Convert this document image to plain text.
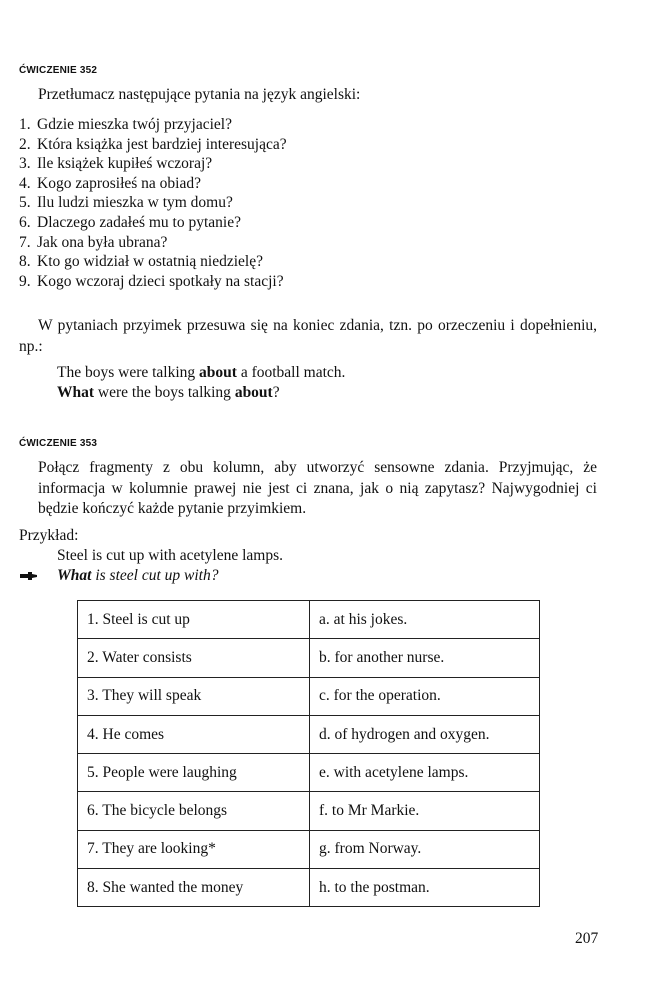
ĆWICZENIE 352
Przetłumacz następujące pytania na język angielski:
1. Gdzie mieszka twój przyjaciel?
2. Która książka jest bardziej interesująca?
3. Ile książek kupiłeś wczoraj?
4. Kogo zaprosiłeś na obiad?
5. Ilu ludzi mieszka w tym domu?
6. Dlaczego zadałeś mu to pytanie?
7. Jak ona była ubrana?
8. Kto go widział w ostatnią niedzielę?
9. Kogo wczoraj dzieci spotkały na stacji?
W pytaniach przyimek przesuwa się na koniec zdania, tzn. po orzeczeniu i dopełnieniu, np.:
The boys were talking about a football match.
What were the boys talking about?
ĆWICZENIE 353
Połącz fragmenty z obu kolumn, aby utworzyć sensowne zdania. Przyjmując, że informacja w kolumnie prawej nie jest ci znana, jak o nią zapytasz? Najwygodniej ci będzie kończyć każde pytanie przyimkiem.
Przykład:
Steel is cut up with acetylene lamps.
What is steel cut up with?
1. Steel is cut up	a. at his jokes.
2. Water consists	b. for another nurse.
3. They will speak	c. for the operation.
4. He comes	d. of hydrogen and oxygen.
5. People were laughing	e. with acetylene lamps.
6. The bicycle belongs	f. to Mr Markie.
7. They are looking*	g. from Norway.
8. She wanted the money	h. to the postman.
207
